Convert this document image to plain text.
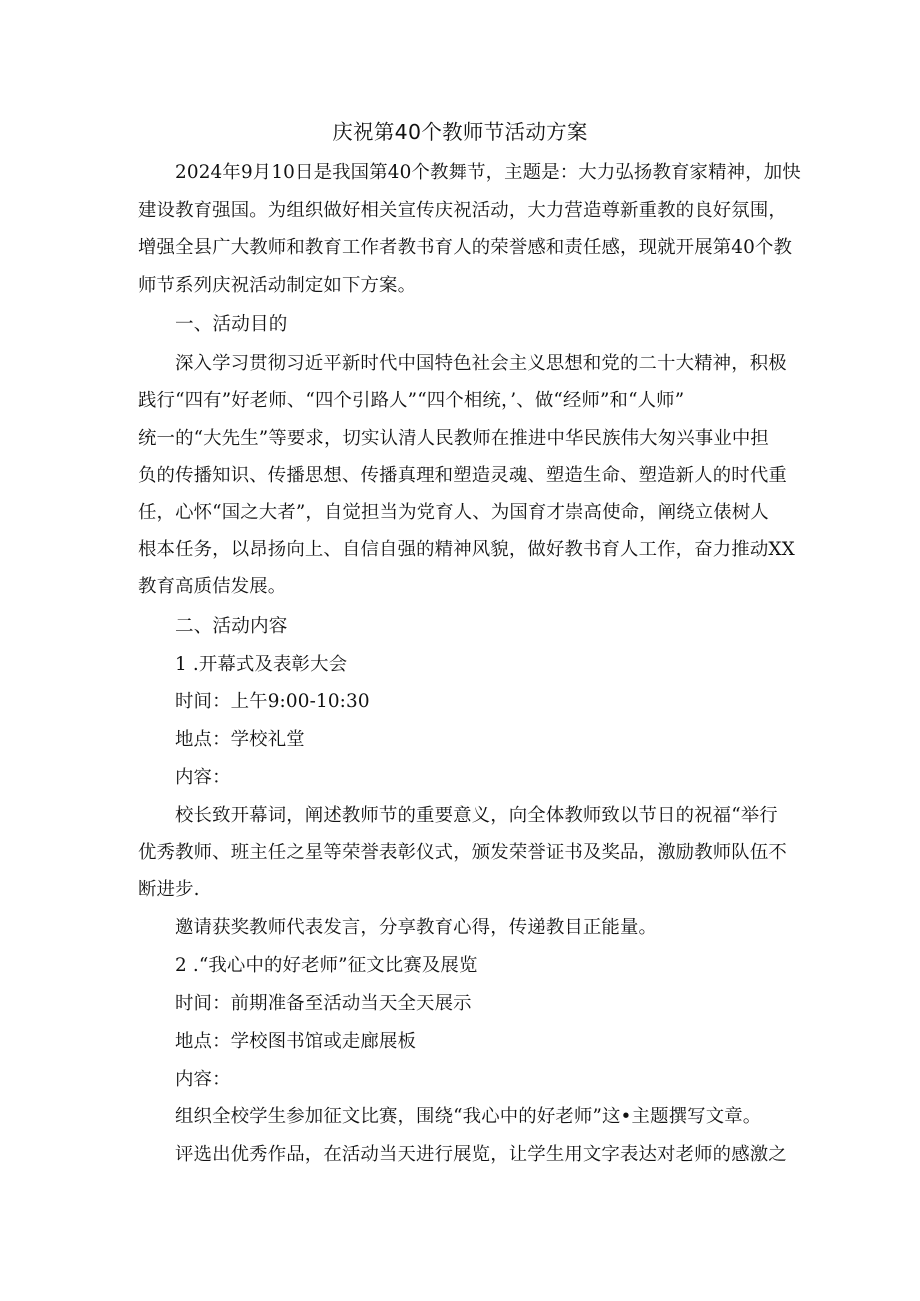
庆祝第40个教师节活动方案
2024年9月10日是我国第40个教舞节，主题是：大力弘扬教育家精神，加快
建设教育强国。为组织做好相关宣传庆祝活动，大力营造尊新重教的良好氛围，
增强全县广大教师和教育工作者教书育人的荣誉感和责任感，现就开展第40个教
师节系列庆祝活动制定如下方案。
一、活动目的
深入学习贯彻习近平新时代中国特色社会主义思想和党的二十大精神，积极
践行“四有”好老师、“四个引路人”“四个相统，’、做“经师”和“人师”
统一的“大先生”等要求，切实认清人民教师在推进中华民族伟大匆兴事业中担
负的传播知识、传播思想、传播真理和塑造灵魂、塑造生命、塑造新人的时代重
任，心怀“国之大者”，自觉担当为党育人、为国育才崇高使命，阐绕立俵树人
根本任务，以昂扬向上、自信自强的精神风貌，做好教书育人工作，奋力推动XX
教育高质佶发展。
二、活动内容
1 .开幕式及表彰大会
时间：上午9:00-10:30
地点：学校礼堂
内容：
校长致开幕词，阐述教师节的重要意义，向全体教师致以节日的祝福“举行
优秀教师、班主任之星等荣誉表彰仪式，颁发荣誉证书及奖品，激励教师队伍不
断进步.
邀请获奖教师代表发言，分享教育心得，传递教目正能量。
2 .“我心中的好老师”征文比赛及展览
时间：前期准备至活动当天全天展示
地点：学校图书馆或走廊展板
内容：
组织全校学生参加征文比赛，围绕“我心中的好老师”这•主题撰写文章。
评选出优秀作品，在活动当天进行展览，让学生用文字表达对老师的感激之
